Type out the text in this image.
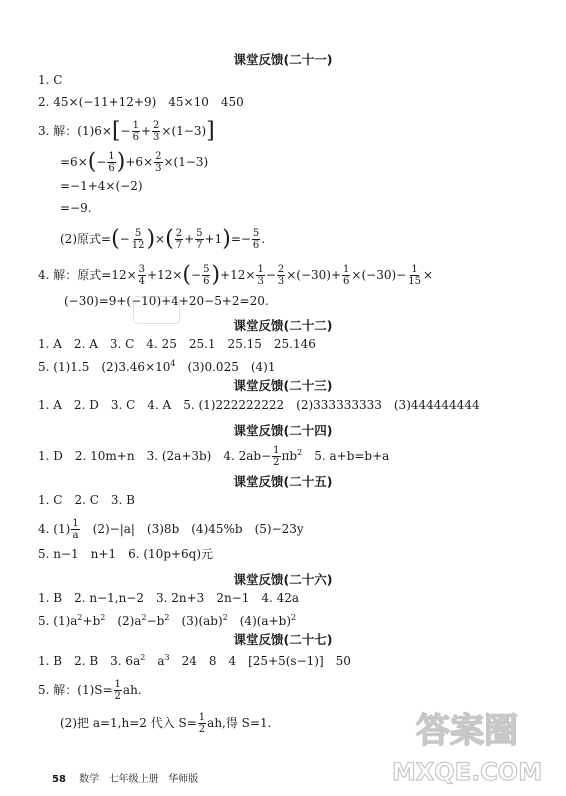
课堂反馈(二十一)
1. C
2. 45×(−11+12+9)　45×10　450
3. 解：$(1)6\times[- \frac{1}{6} + \frac{2}{3} \times(1-3)]$
$=6\times(- \frac{1}{6} )+6\times \frac{2}{3} \times(1-3)$
=−1+4×(−2)
=−9.
(2)原式=(− $\frac{5}{12}$ )×( $\frac{2}{7} + \frac{5}{7} +1)=- \frac{5}{6}$ .
4. 解：原式$=12\times \frac{3}{4} +12\times(- \frac{5}{6} )+12\times \frac{1}{3} - \frac{2}{3} \times(-30)+ \frac{1}{6} \times(-30)- \frac{1}{15}$ ×
(−30)=9+(−10)+4+20−5+2=20.
课堂反馈(二十二)
1. A　2. A　3. C　4. 25　25.1　25.15　25.146
5. (1)1.5　$(2)3.46\times 10^4$　(3)0.025　(4)1
课堂反馈(二十三)
1. A　2. D　3. C　4. A　5. (1)222222222　(2)333333333　(3)444444444
课堂反馈(二十四)
1. D　2. 10m+n　3. (2a+3b)　4. $2ab- \frac{1}{2} \pi b^2$　5. a+b=b+a
课堂反馈(二十五)
1. C　2. C　3. B
4. $(1) \frac{1}{a}$ 　(2)−|a|　(3)8b　(4)45%b　(5)−23y
5. n−1　n+1　6. (10p+6q)元
课堂反馈(二十六)
1. B　2. n−1,n−2　3. 2n+3　2n−1　4. 42a
5. $(1)a^2+b^2$　$(2)a^2-b^2$　(3)(ab)$^2$　$(4)(a+b)^2$
课堂反馈(二十七)
1. B　2. B　3. $6a^2$　$a^3$　24　8　4　[25+5(s−1)]　50
5. 解：$(1)S= \frac{1}{2}$ ah.
(2)把 a=1,h=2 代入 $S= \frac{1}{2}$ ah,得 S=1.
58 数学 七年级上册 华师版
答案圈
MXQE.COM
